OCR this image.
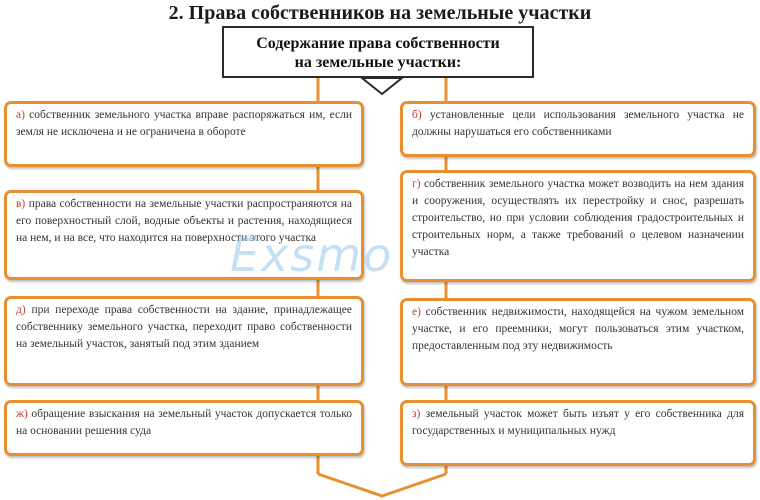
2. Права собственников на земельные участки
Содержание права собственности
на земельные участки:
а) собственник земельного участка вправе распоряжаться им, если земля не исключена и не ограничена в обороте
б) установленные цели использования земельного участка не должны нарушаться его собственниками
в) права собственности на земельные участки распространяются на его поверхностный слой, водные объекты и растения, находящиеся на нем, и на все, что находится на поверхности этого участка
г) собственник земельного участка может возводить на нем здания и сооружения, осуществлять их перестройку и снос, разрешать строительство, но при условии соблюдения градостроительных и строительных норм, а также требований о целевом назначении участка
д) при переходе права собственности на здание, принадлежащее собственнику земельного участка, переходит право собственности на земельный участок, занятый под этим зданием
е) собственник недвижимости, находящейся на чужом земельном участке, и его преемники, могут пользоваться этим участком, предоставленным под эту недвижимость
ж) обращение взыскания на земельный участок допускается только на основании решения суда
з) земельный участок может быть изъят у его собственника для государственных и муниципальных нужд
Exsmo
